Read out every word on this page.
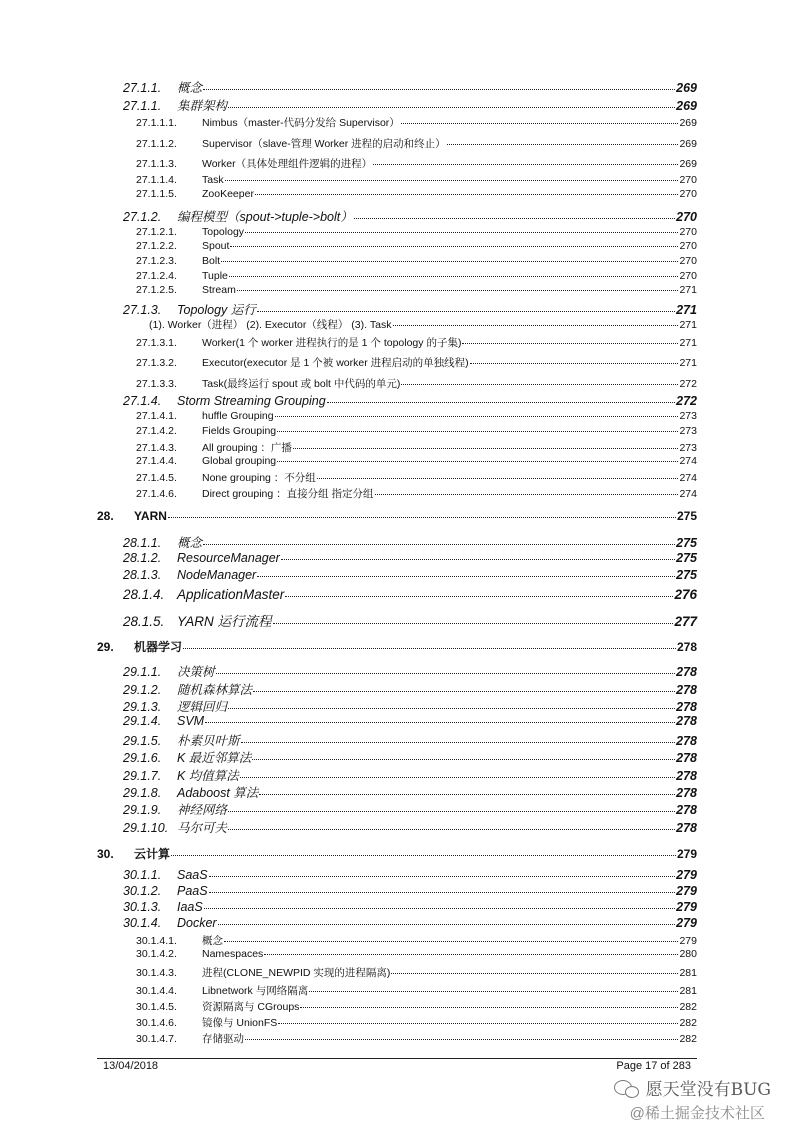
27.1.1.	概念	269
27.1.1.	集群架构	269
27.1.1.1.	Nimbus（master-代码分发给 Supervisor）	269
27.1.1.2.	Supervisor（slave-管理 Worker 进程的启动和终止）	269
27.1.1.3.	Worker（具体处理组件逻辑的进程）	269
27.1.1.4.	Task	270
27.1.1.5.	ZooKeeper	270
27.1.2.	编程模型（spout->tuple->bolt）	270
27.1.2.1.	Topology	270
27.1.2.2.	Spout	270
27.1.2.3.	Bolt	270
27.1.2.4.	Tuple	270
27.1.2.5.	Stream	271
27.1.3.	Topology 运行	271
(1). Worker（进程） (2). Executor（线程） (3). Task	271
27.1.3.1.	Worker(1 个 worker 进程执行的是 1 个 topology 的子集)	271
27.1.3.2.	Executor(executor 是 1 个被 worker 进程启动的单独线程)	271
27.1.3.3.	Task(最终运行 spout 或 bolt 中代码的单元)	272
27.1.4.	Storm Streaming Grouping	272
27.1.4.1.	huffle Grouping	273
27.1.4.2.	Fields Grouping	273
27.1.4.3.	All grouping ：广播	273
27.1.4.4.	Global grouping	274
27.1.4.5.	None grouping ：不分组	274
27.1.4.6.	Direct grouping ：直接分组 指定分组	274
28.	YARN	275
28.1.1.	概念	275
28.1.2.	ResourceManager	275
28.1.3.	NodeManager	275
28.1.4. ApplicationMaster	276
28.1.5. YARN 运行流程	277
29.	机器学习	278
29.1.1.	决策树	278
29.1.2.	随机森林算法	278
29.1.3.	逻辑回归	278
29.1.4.	SVM	278
29.1.5.	朴素贝叶斯	278
29.1.6.	K 最近邻算法	278
29.1.7.	K 均值算法	278
29.1.8.	Adaboost 算法	278
29.1.9.	神经网络	278
29.1.10. 马尔可夫	278
30.	云计算	279
30.1.1.	SaaS	279
30.1.2.	PaaS	279
30.1.3.	IaaS	279
30.1.4.	Docker	279
30.1.4.1.	概念	279
30.1.4.2.	Namespaces	280
30.1.4.3.	进程(CLONE_NEWPID 实现的进程隔离)	281
30.1.4.4.	Libnetwork 与网络隔离	281
30.1.4.5.	资源隔离与 CGroups	282
30.1.4.6.	镜像与 UnionFS	282
30.1.4.7.	存储驱动	282
13/04/2018	Page 17 of 283
愿天堂没有BUG
@稀土掘金技术社区
